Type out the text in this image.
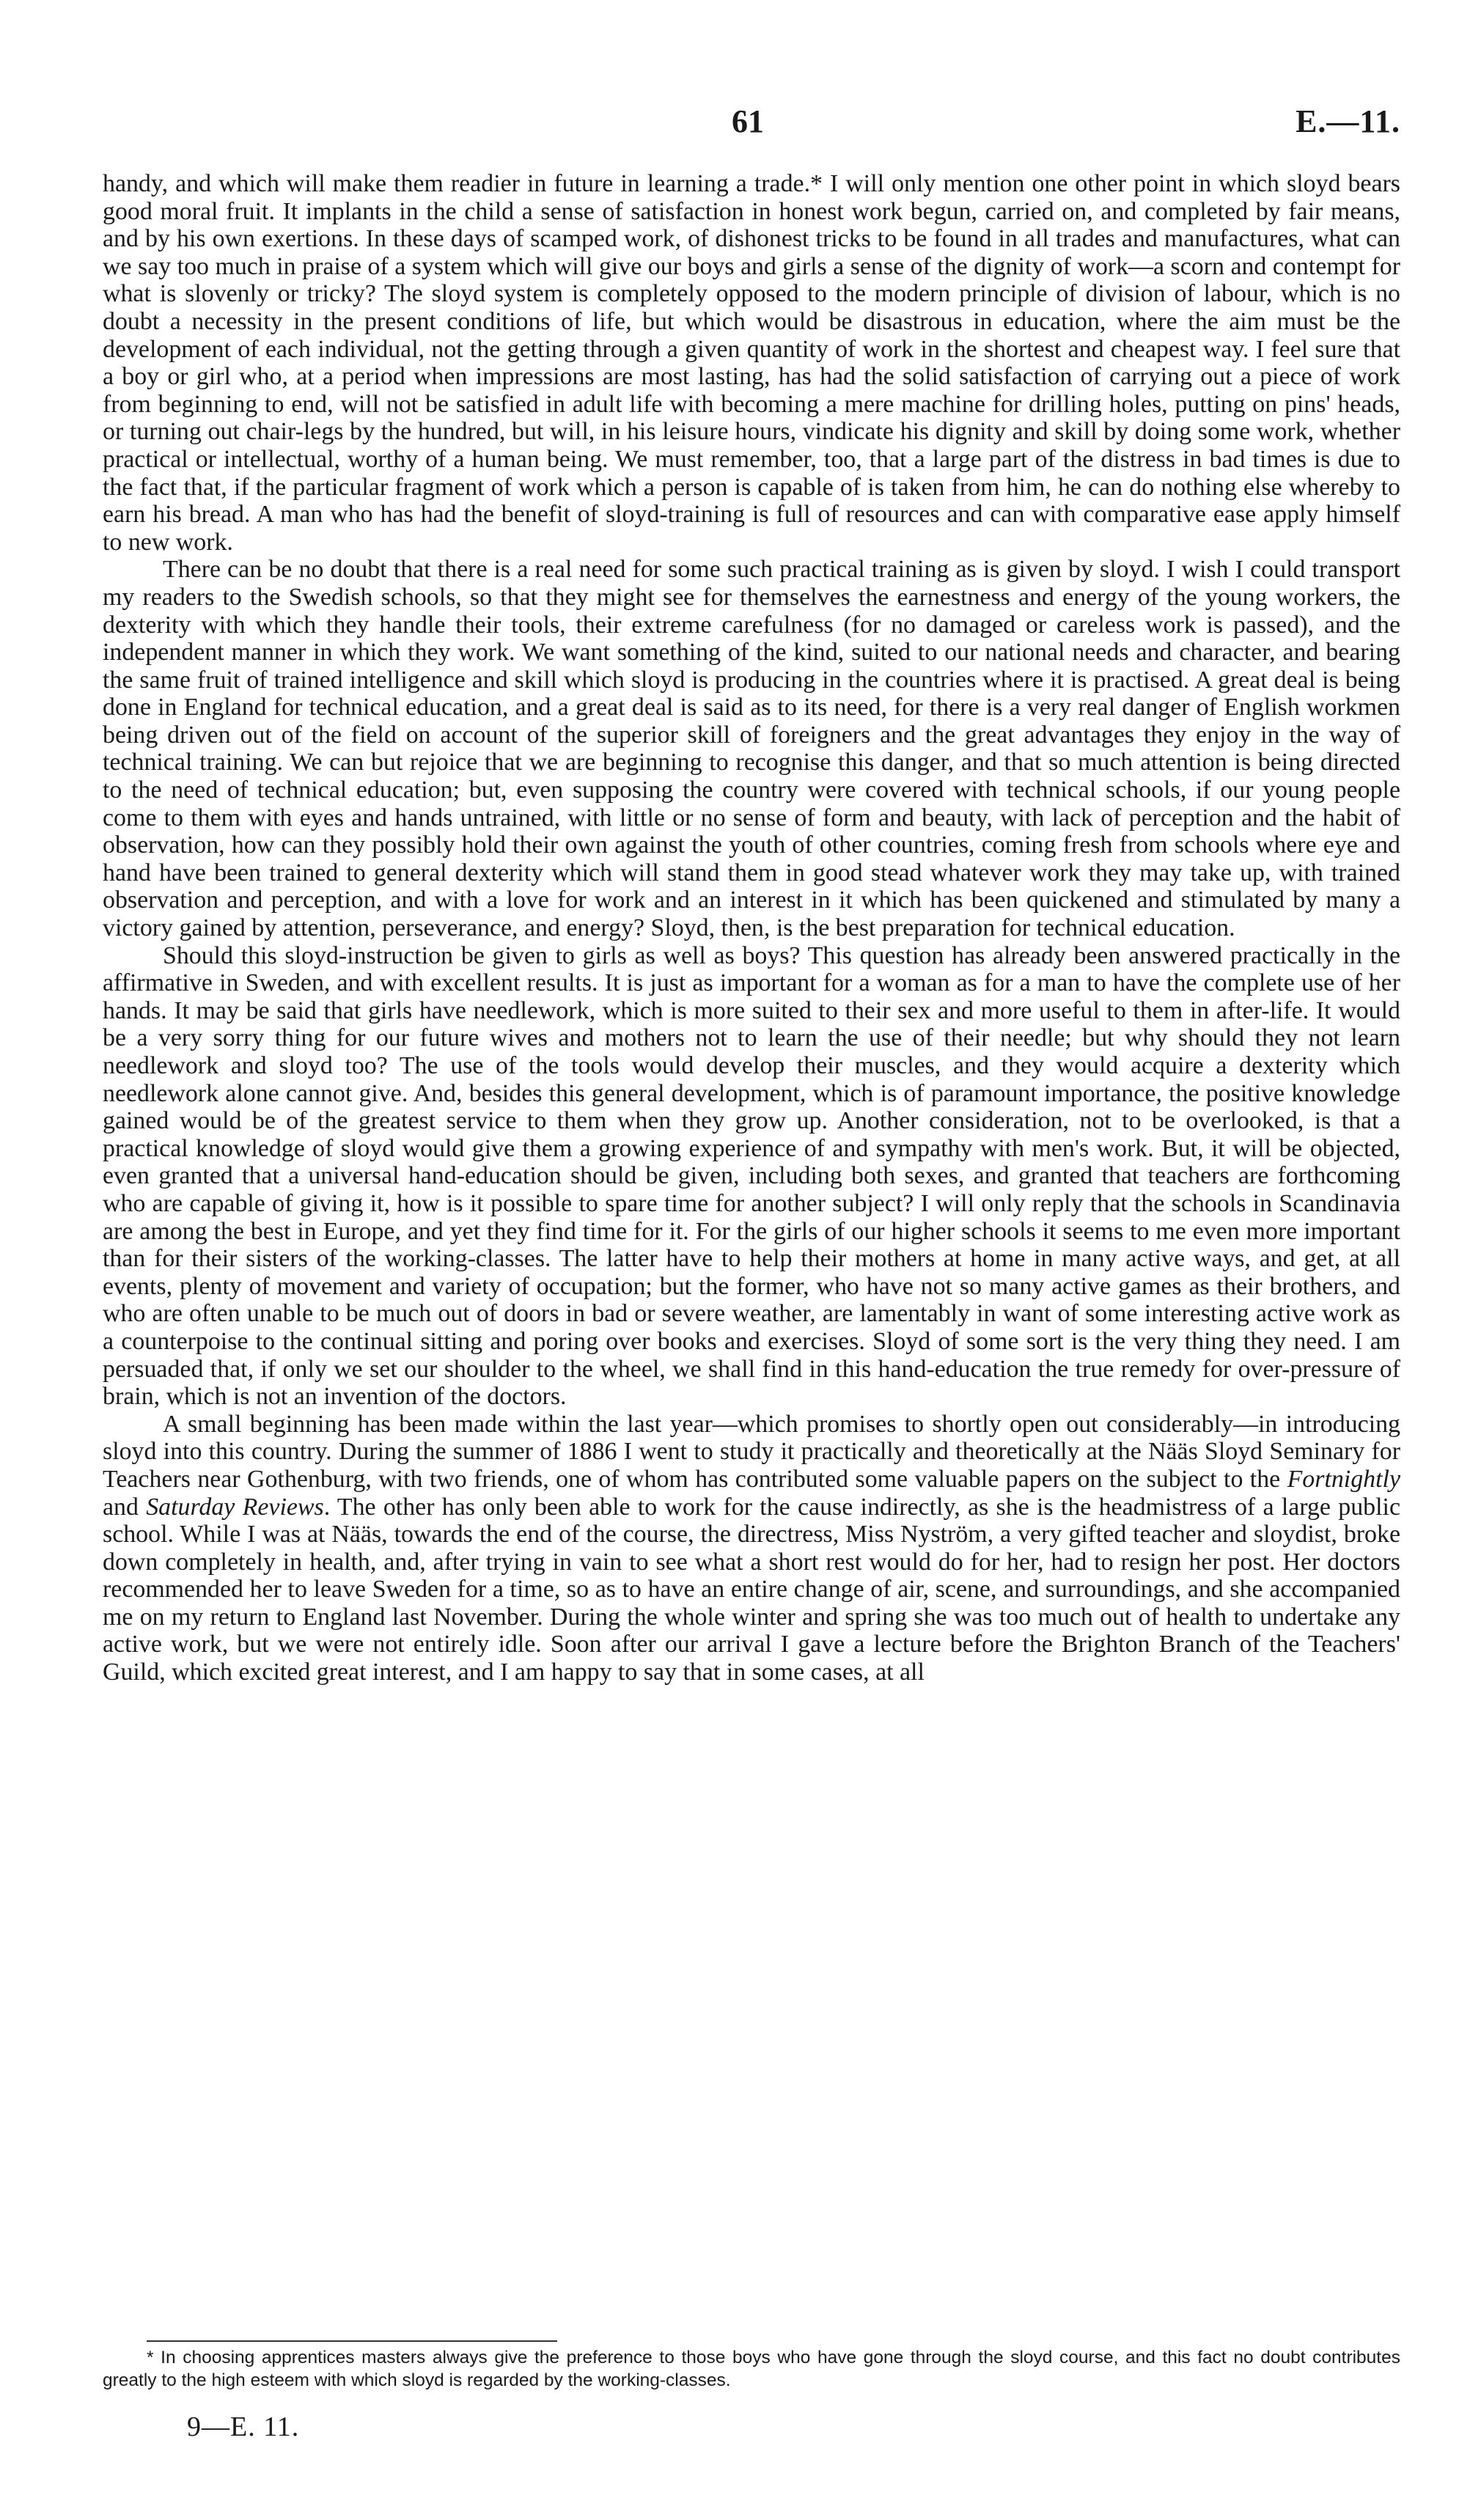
61	E.—11.

handy, and which will make them readier in future in learning a trade.* I will only mention one other point in which sloyd bears good moral fruit. It implants in the child a sense of satisfaction in honest work begun, carried on, and completed by fair means, and by his own exertions. In these days of scamped work, of dishonest tricks to be found in all trades and manufactures, what can we say too much in praise of a system which will give our boys and girls a sense of the dignity of work—a scorn and contempt for what is slovenly or tricky? The sloyd system is completely opposed to the modern principle of division of labour, which is no doubt a necessity in the present conditions of life, but which would be disastrous in education, where the aim must be the development of each individual, not the getting through a given quantity of work in the shortest and cheapest way. I feel sure that a boy or girl who, at a period when impressions are most lasting, has had the solid satisfaction of carrying out a piece of work from beginning to end, will not be satisfied in adult life with becoming a mere machine for drilling holes, putting on pins' heads, or turning out chair-legs by the hundred, but will, in his leisure hours, vindicate his dignity and skill by doing some work, whether practical or intellectual, worthy of a human being. We must remember, too, that a large part of the distress in bad times is due to the fact that, if the particular fragment of work which a person is capable of is taken from him, he can do nothing else whereby to earn his bread. A man who has had the benefit of sloyd-training is full of resources and can with comparative ease apply himself to new work.

There can be no doubt that there is a real need for some such practical training as is given by sloyd. I wish I could transport my readers to the Swedish schools, so that they might see for themselves the earnestness and energy of the young workers, the dexterity with which they handle their tools, their extreme carefulness (for no damaged or careless work is passed), and the independent manner in which they work. We want something of the kind, suited to our national needs and character, and bearing the same fruit of trained intelligence and skill which sloyd is producing in the countries where it is practised. A great deal is being done in England for technical education, and a great deal is said as to its need, for there is a very real danger of English workmen being driven out of the field on account of the superior skill of foreigners and the great advantages they enjoy in the way of technical training. We can but rejoice that we are beginning to recognise this danger, and that so much attention is being directed to the need of technical education; but, even supposing the country were covered with technical schools, if our young people come to them with eyes and hands untrained, with little or no sense of form and beauty, with lack of perception and the habit of observation, how can they possibly hold their own against the youth of other countries, coming fresh from schools where eye and hand have been trained to general dexterity which will stand them in good stead whatever work they may take up, with trained observation and perception, and with a love for work and an interest in it which has been quickened and stimulated by many a victory gained by attention, perseverance, and energy? Sloyd, then, is the best preparation for technical education.

Should this sloyd-instruction be given to girls as well as boys? This question has already been answered practically in the affirmative in Sweden, and with excellent results. It is just as important for a woman as for a man to have the complete use of her hands. It may be said that girls have needlework, which is more suited to their sex and more useful to them in after-life. It would be a very sorry thing for our future wives and mothers not to learn the use of their needle; but why should they not learn needlework and sloyd too? The use of the tools would develop their muscles, and they would acquire a dexterity which needlework alone cannot give. And, besides this general development, which is of paramount importance, the positive knowledge gained would be of the greatest service to them when they grow up. Another consideration, not to be overlooked, is that a practical knowledge of sloyd would give them a growing experience of and sympathy with men's work. But, it will be objected, even granted that a universal hand-education should be given, including both sexes, and granted that teachers are forthcoming who are capable of giving it, how is it possible to spare time for another subject? I will only reply that the schools in Scandinavia are among the best in Europe, and yet they find time for it. For the girls of our higher schools it seems to me even more important than for their sisters of the working-classes. The latter have to help their mothers at home in many active ways, and get, at all events, plenty of movement and variety of occupation; but the former, who have not so many active games as their brothers, and who are often unable to be much out of doors in bad or severe weather, are lamentably in want of some interesting active work as a counterpoise to the continual sitting and poring over books and exercises. Sloyd of some sort is the very thing they need. I am persuaded that, if only we set our shoulder to the wheel, we shall find in this hand-education the true remedy for over-pressure of brain, which is not an invention of the doctors.

A small beginning has been made within the last year—which promises to shortly open out considerably—in introducing sloyd into this country. During the summer of 1886 I went to study it practically and theoretically at the Nääs Sloyd Seminary for Teachers near Gothenburg, with two friends, one of whom has contributed some valuable papers on the subject to the Fortnightly and Saturday Reviews. The other has only been able to work for the cause indirectly, as she is the headmistress of a large public school. While I was at Nääs, towards the end of the course, the directress, Miss Nyström, a very gifted teacher and sloydist, broke down completely in health, and, after trying in vain to see what a short rest would do for her, had to resign her post. Her doctors recommended her to leave Sweden for a time, so as to have an entire change of air, scene, and surroundings, and she accompanied me on my return to England last November. During the whole winter and spring she was too much out of health to undertake any active work, but we were not entirely idle. Soon after our arrival I gave a lecture before the Brighton Branch of the Teachers' Guild, which excited great interest, and I am happy to say that in some cases, at all

* In choosing apprentices masters always give the preference to those boys who have gone through the sloyd course, and this fact no doubt contributes greatly to the high esteem with which sloyd is regarded by the working-classes.

9—E. 11.
